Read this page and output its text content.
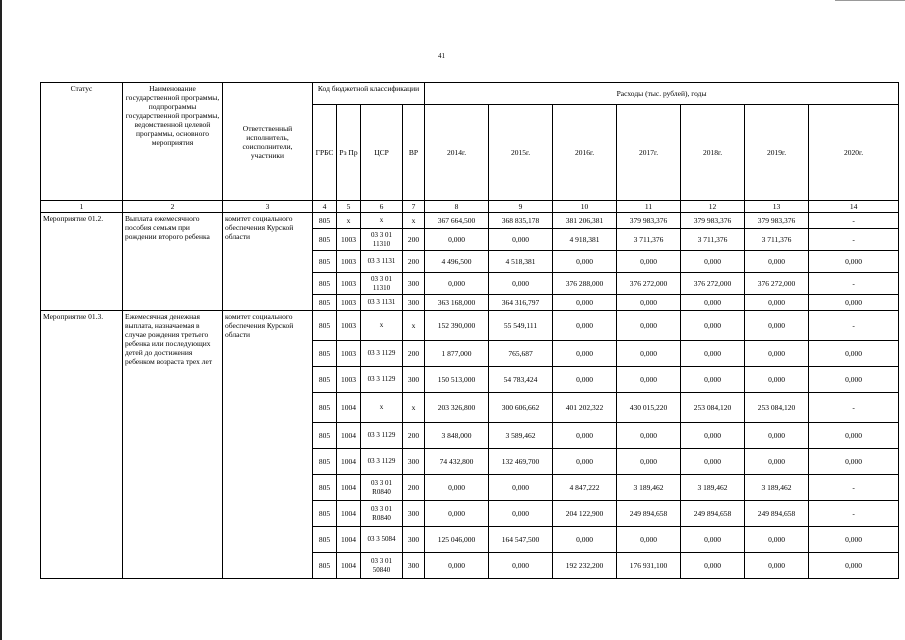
41
Статус	Наименование государственной программы, подпрограммы государственной программы, ведомственной целевой программы, основного мероприятия	Ответственный исполнитель, соисполнители, участники	Код бюджетной классификации				Расходы (тыс. рублей), годы						
			ГРБС	Рз Пр	ЦСР	ВР	2014г.	2015г.	2016г.	2017г.	2018г.	2019г.	2020г.
1	2	3	4	5	6	7	8	9	10	11	12	13	14
Мероприятие 01.2.	Выплата ежемесячного пособия семьям при рождении второго ребенка	комитет социального обеспечения Курской области	805	x	x	x	367 664,500	368 835,178	381 206,381	379 983,376	379 983,376	379 983,376	-
			805	1003	03 3 01 11310	200	0,000	0,000	4 918,381	3 711,376	3 711,376	3 711,376	-
			805	1003	03 3 1131	200	4 496,500	4 518,381	0,000	0,000	0,000	0,000	0,000
			805	1003	03 3 01 11310	300	0,000	0,000	376 288,000	376 272,000	376 272,000	376 272,000	-
			805	1003	03 3 1131	300	363 168,000	364 316,797	0,000	0,000	0,000	0,000	0,000
Мероприятие 01.3.	Ежемесячная денежная выплата, назначаемая в случае рождения третьего ребенка или последующих детей до достижения ребенком возраста трех лет	комитет социального обеспечения Курской области	805	1003	x	x	152 390,000	55 549,111	0,000	0,000	0,000	0,000	-
			805	1003	03 3 1129	200	1 877,000	765,687	0,000	0,000	0,000	0,000	0,000
			805	1003	03 3 1129	300	150 513,000	54 783,424	0,000	0,000	0,000	0,000	0,000
			805	1004	x	x	203 326,800	300 606,662	401 202,322	430 015,220	253 084,120	253 084,120	-
			805	1004	03 3 1129	200	3 848,000	3 589,462	0,000	0,000	0,000	0,000	0,000
			805	1004	03 3 1129	300	74 432,800	132 469,700	0,000	0,000	0,000	0,000	0,000
			805	1004	03 3 01 R0840	200	0,000	0,000	4 847,222	3 189,462	3 189,462	3 189,462	-
			805	1004	03 3 01 R0840	300	0,000	0,000	204 122,900	249 894,658	249 894,658	249 894,658	-
			805	1004	03 3 5084	300	125 046,000	164 547,500	0,000	0,000	0,000	0,000	0,000
			805	1004	03 3 01 50840	300	0,000	0,000	192 232,200	176 931,100	0,000	0,000	0,000
